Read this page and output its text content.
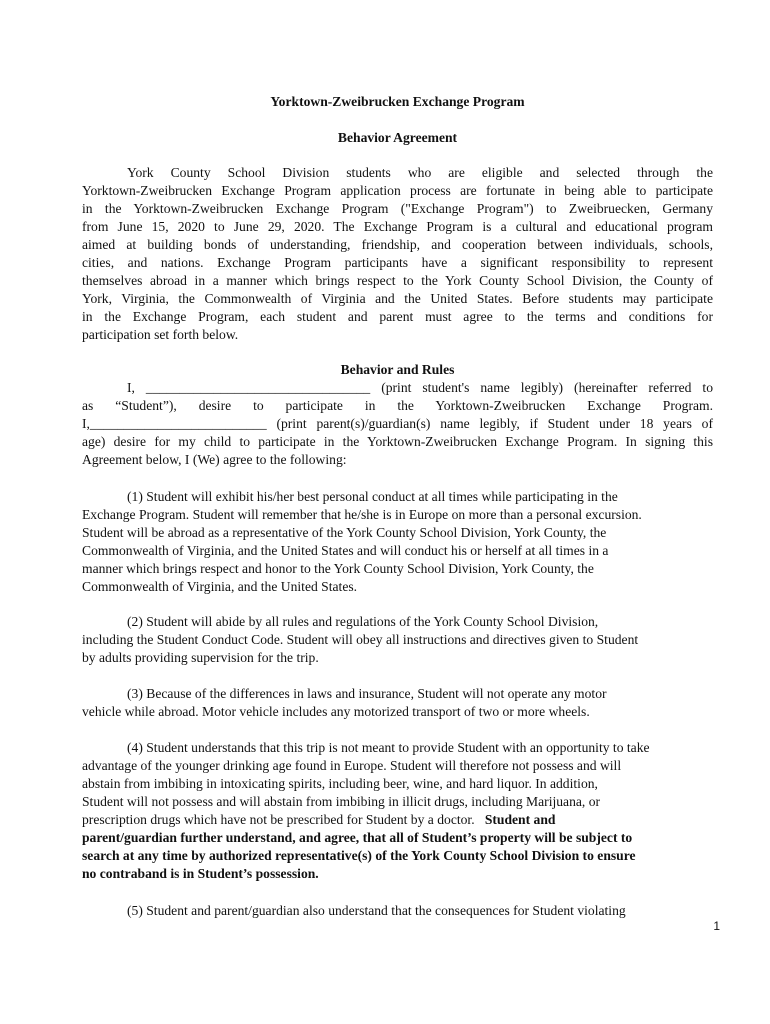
Yorktown-Zweibrucken Exchange Program
Behavior Agreement
York County School Division students who are eligible and selected through the
Yorktown-Zweibrucken Exchange Program application process are fortunate in being able to participate
in the Yorktown-Zweibrucken Exchange Program ("Exchange Program") to Zweibruecken, Germany
from June 15, 2020 to June 29, 2020. The Exchange Program is a cultural and educational program
aimed at building bonds of understanding, friendship, and cooperation between individuals, schools,
cities, and nations. Exchange Program participants have a significant responsibility to represent
themselves abroad in a manner which brings respect to the York County School Division, the County of
York, Virginia, the Commonwealth of Virginia and the United States. Before students may participate
in the Exchange Program, each student and parent must agree to the terms and conditions for
participation set forth below.
Behavior and Rules
I, _________________________________ (print student's name legibly) (hereinafter referred to
as “Student”), desire to participate in the Yorktown-Zweibrucken Exchange Program.
I,__________________________ (print parent(s)/guardian(s) name legibly, if Student under 18 years of
age) desire for my child to participate in the Yorktown-Zweibrucken Exchange Program. In signing this
Agreement below, I (We) agree to the following:
(1) Student will exhibit his/her best personal conduct at all times while participating in the
Exchange Program. Student will remember that he/she is in Europe on more than a personal excursion.
Student will be abroad as a representative of the York County School Division, York County, the
Commonwealth of Virginia, and the United States and will conduct his or herself at all times in a
manner which brings respect and honor to the York County School Division, York County, the
Commonwealth of Virginia, and the United States.
(2) Student will abide by all rules and regulations of the York County School Division,
including the Student Conduct Code. Student will obey all instructions and directives given to Student
by adults providing supervision for the trip.
(3) Because of the differences in laws and insurance, Student will not operate any motor
vehicle while abroad. Motor vehicle includes any motorized transport of two or more wheels.
(4) Student understands that this trip is not meant to provide Student with an opportunity to take
advantage of the younger drinking age found in Europe. Student will therefore not possess and will
abstain from imbibing in intoxicating spirits, including beer, wine, and hard liquor. In addition,
Student will not possess and will abstain from imbibing in illicit drugs, including Marijuana, or
prescription drugs which have not be prescribed for Student by a doctor.   Student and
parent/guardian further understand, and agree, that all of Student’s property will be subject to
search at any time by authorized representative(s) of the York County School Division to ensure
no contraband is in Student’s possession.
(5) Student and parent/guardian also understand that the consequences for Student violating
1
